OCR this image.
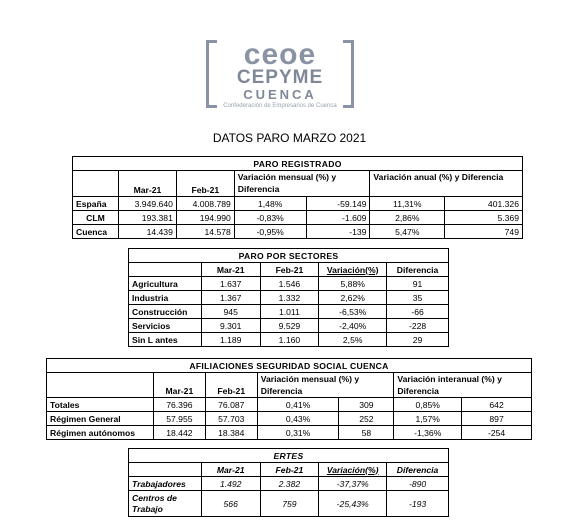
ceoe
CEPYME
CUENCA
Confederación de Empresarios de Cuenca
DATOS PARO MARZO 2021
PARO REGISTRADO						
	Mar-21	Feb-21	Variación mensual (%) y Diferencia		Variación anual (%) y Diferencia	
España	3.949.640	4.008.789	1,48%	-59.149	11,31%	401.326
CLM	193.381	194.990	-0,83%	-1.609	2,86%	5.369
Cuenca	14.439	14.578	-0,95%	-139	5,47%	749
PARO POR SECTORES				
	Mar-21	Feb-21	Variación(%)	Diferencia
Agricultura	1.637	1.546	5,88%	91
Industria	1.367	1.332	2,62%	35
Construcción	945	1.011	-6,53%	-66
Servicios	9.301	9.529	-2,40%	-228
Sin L antes	1.189	1.160	2,5%	29
AFILIACIONES SEGURIDAD SOCIAL CUENCA						
	Mar-21	Feb-21	Variación mensual (%) y Diferencia		Variación interanual (%) y Diferencia	
Totales	76.396	76.087	0,41%	309	0,85%	642
Régimen General	57.955	57.703	0,43%	252	1,57%	897
Régimen autónomos	18.442	18.384	0,31%	58	-1,36%	-254
ERTES				
	Mar-21	Feb-21	Variación(%)	Diferencia
Trabajadores	1.492	2.382	-37,37%	-890
Centros de Trabajo	566	759	-25,43%	-193
